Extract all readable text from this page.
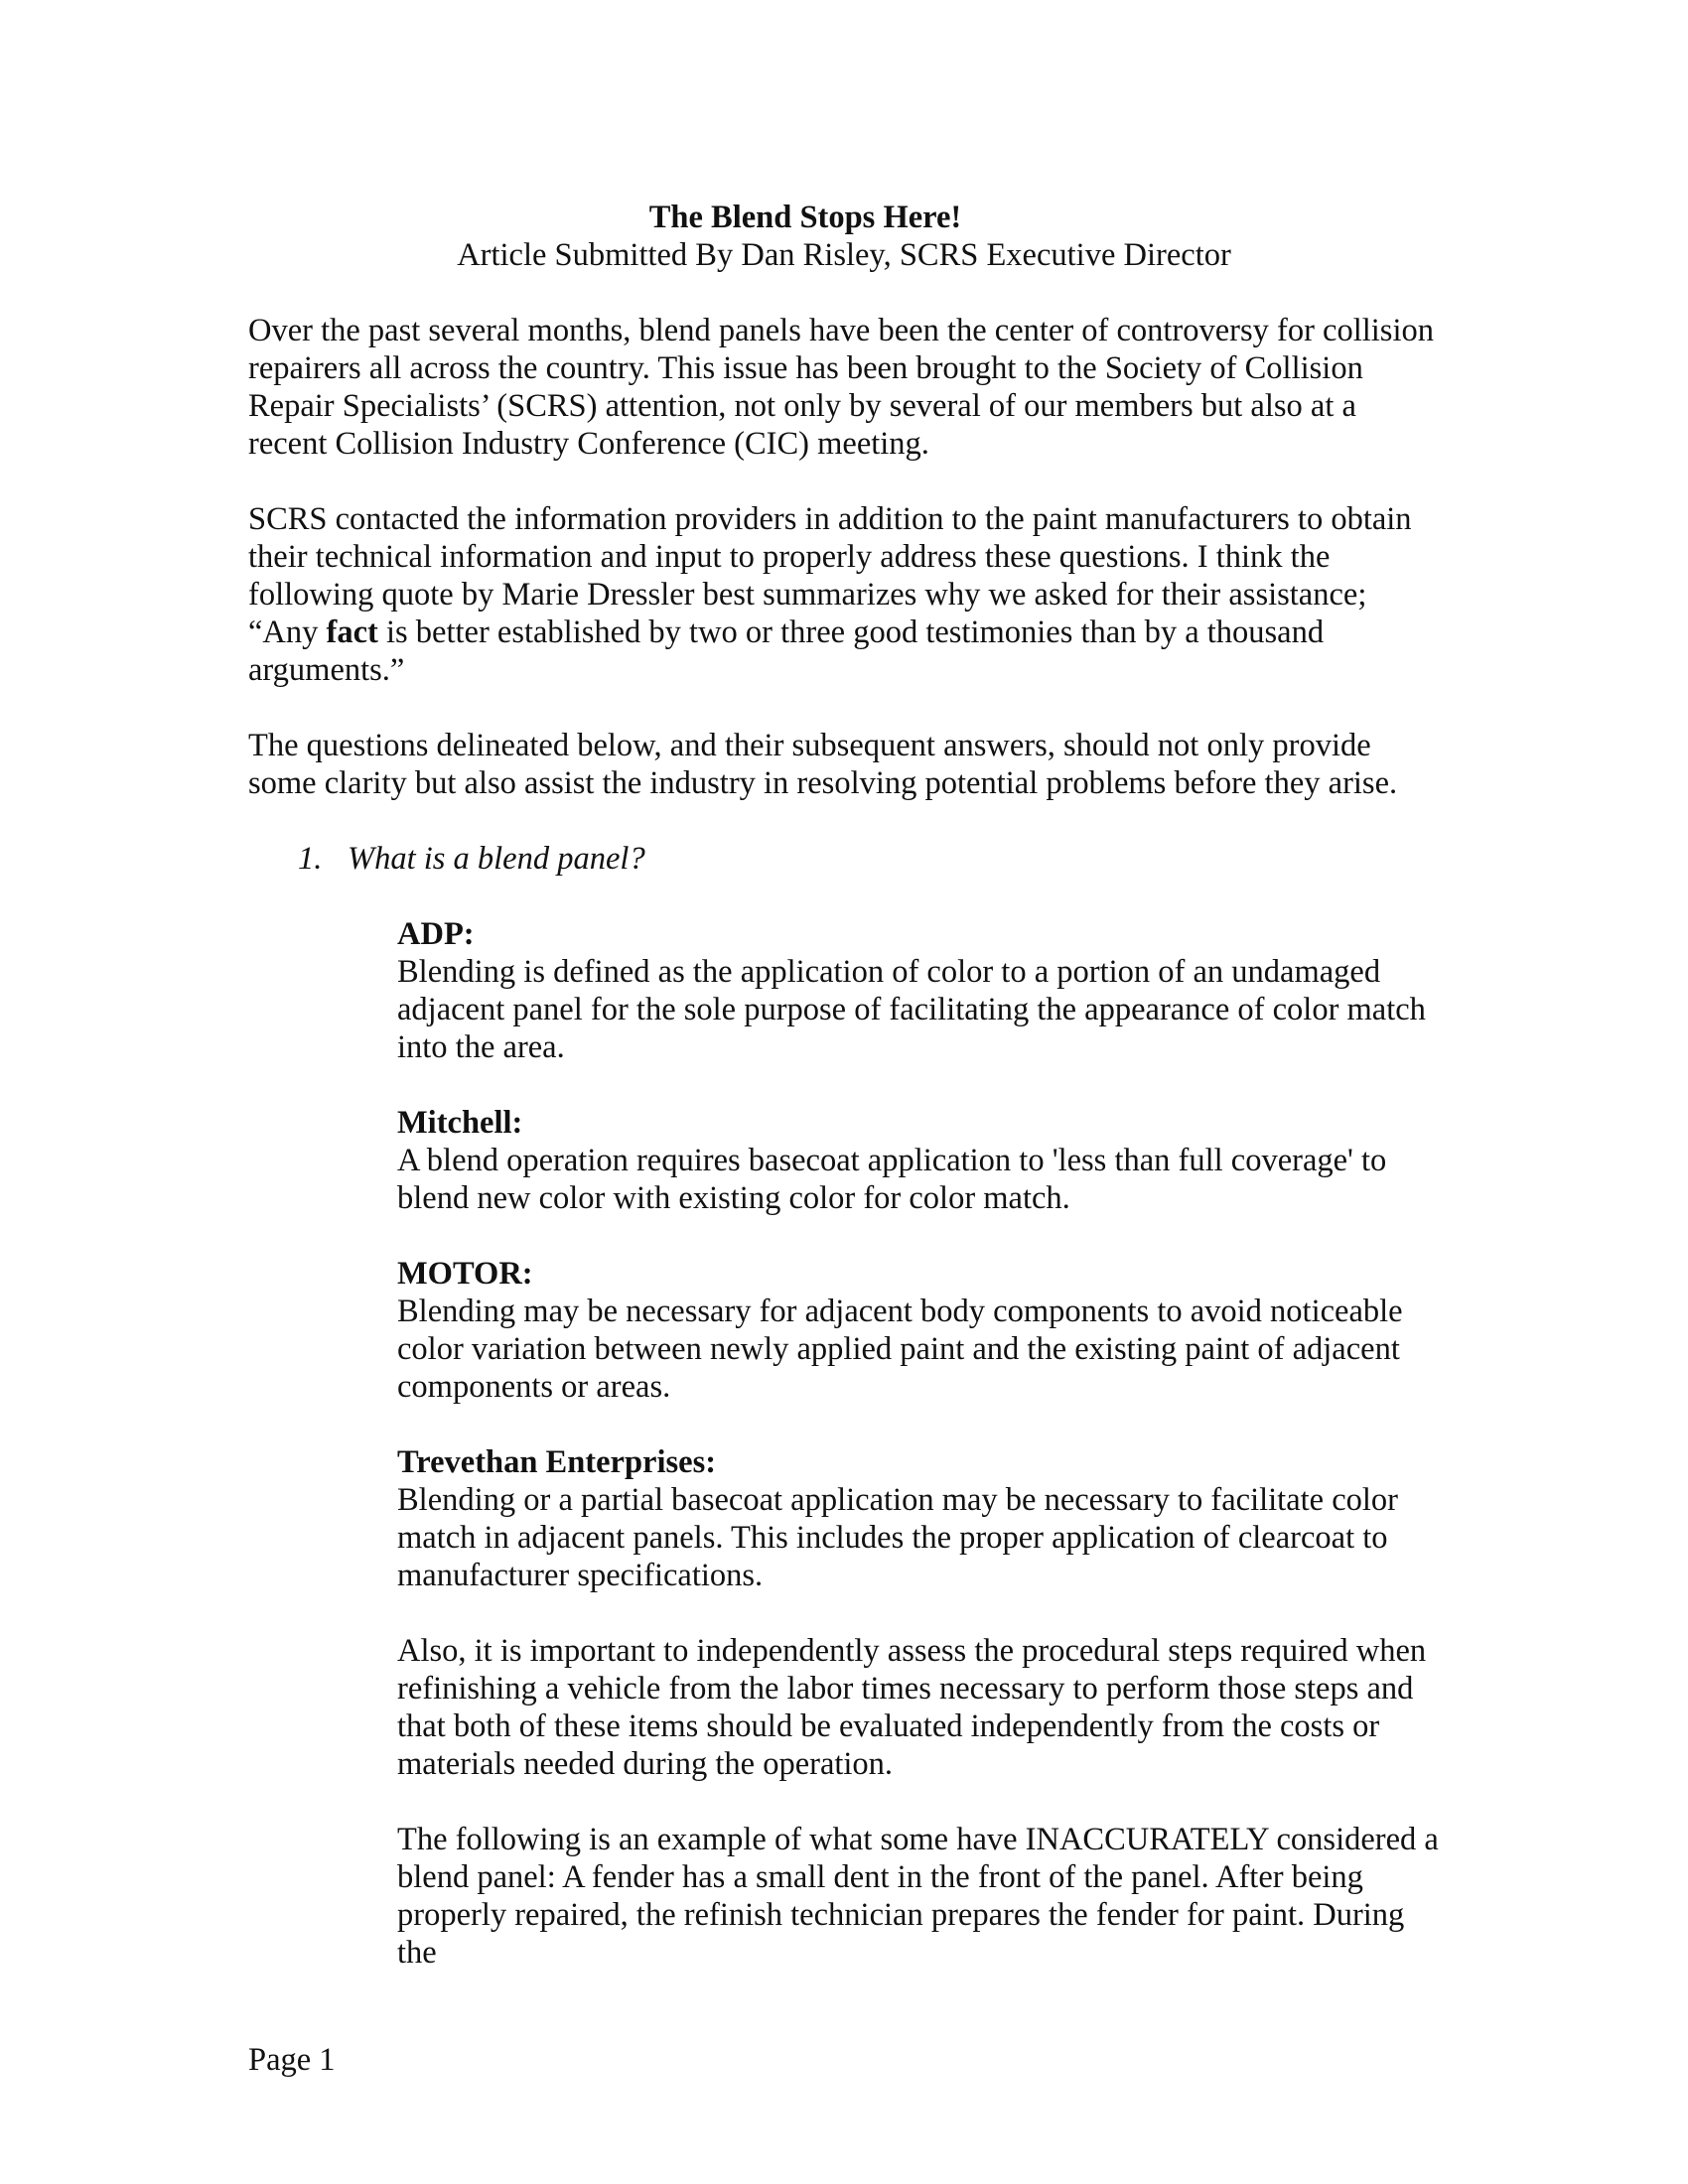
The Blend Stops Here!
Article Submitted By Dan Risley, SCRS Executive Director

Over the past several months, blend panels have been the center of controversy for collision repairers all across the country. This issue has been brought to the Society of Collision Repair Specialists’ (SCRS) attention, not only by several of our members but also at a recent Collision Industry Conference (CIC) meeting.

SCRS contacted the information providers in addition to the paint manufacturers to obtain their technical information and input to properly address these questions. I think the following quote by Marie Dressler best summarizes why we asked for their assistance; “Any fact is better established by two or three good testimonies than by a thousand arguments.”

The questions delineated below, and their subsequent answers, should not only provide some clarity but also assist the industry in resolving potential problems before they arise.

1. What is a blend panel?

ADP:

Blending is defined as the application of color to a portion of an undamaged adjacent panel for the sole purpose of facilitating the appearance of color match into the area.

Mitchell:

A blend operation requires basecoat application to 'less than full coverage' to blend new color with existing color for color match.

MOTOR:

Blending may be necessary for adjacent body components to avoid noticeable color variation between newly applied paint and the existing paint of adjacent components or areas.

Trevethan Enterprises:

Blending or a partial basecoat application may be necessary to facilitate color match in adjacent panels. This includes the proper application of clearcoat to manufacturer specifications.

Also, it is important to independently assess the procedural steps required when refinishing a vehicle from the labor times necessary to perform those steps and that both of these items should be evaluated independently from the costs or materials needed during the operation.

The following is an example of what some have INACCURATELY considered a blend panel: A fender has a small dent in the front of the panel. After being properly repaired, the refinish technician prepares the fender for paint. During the

Page 1
